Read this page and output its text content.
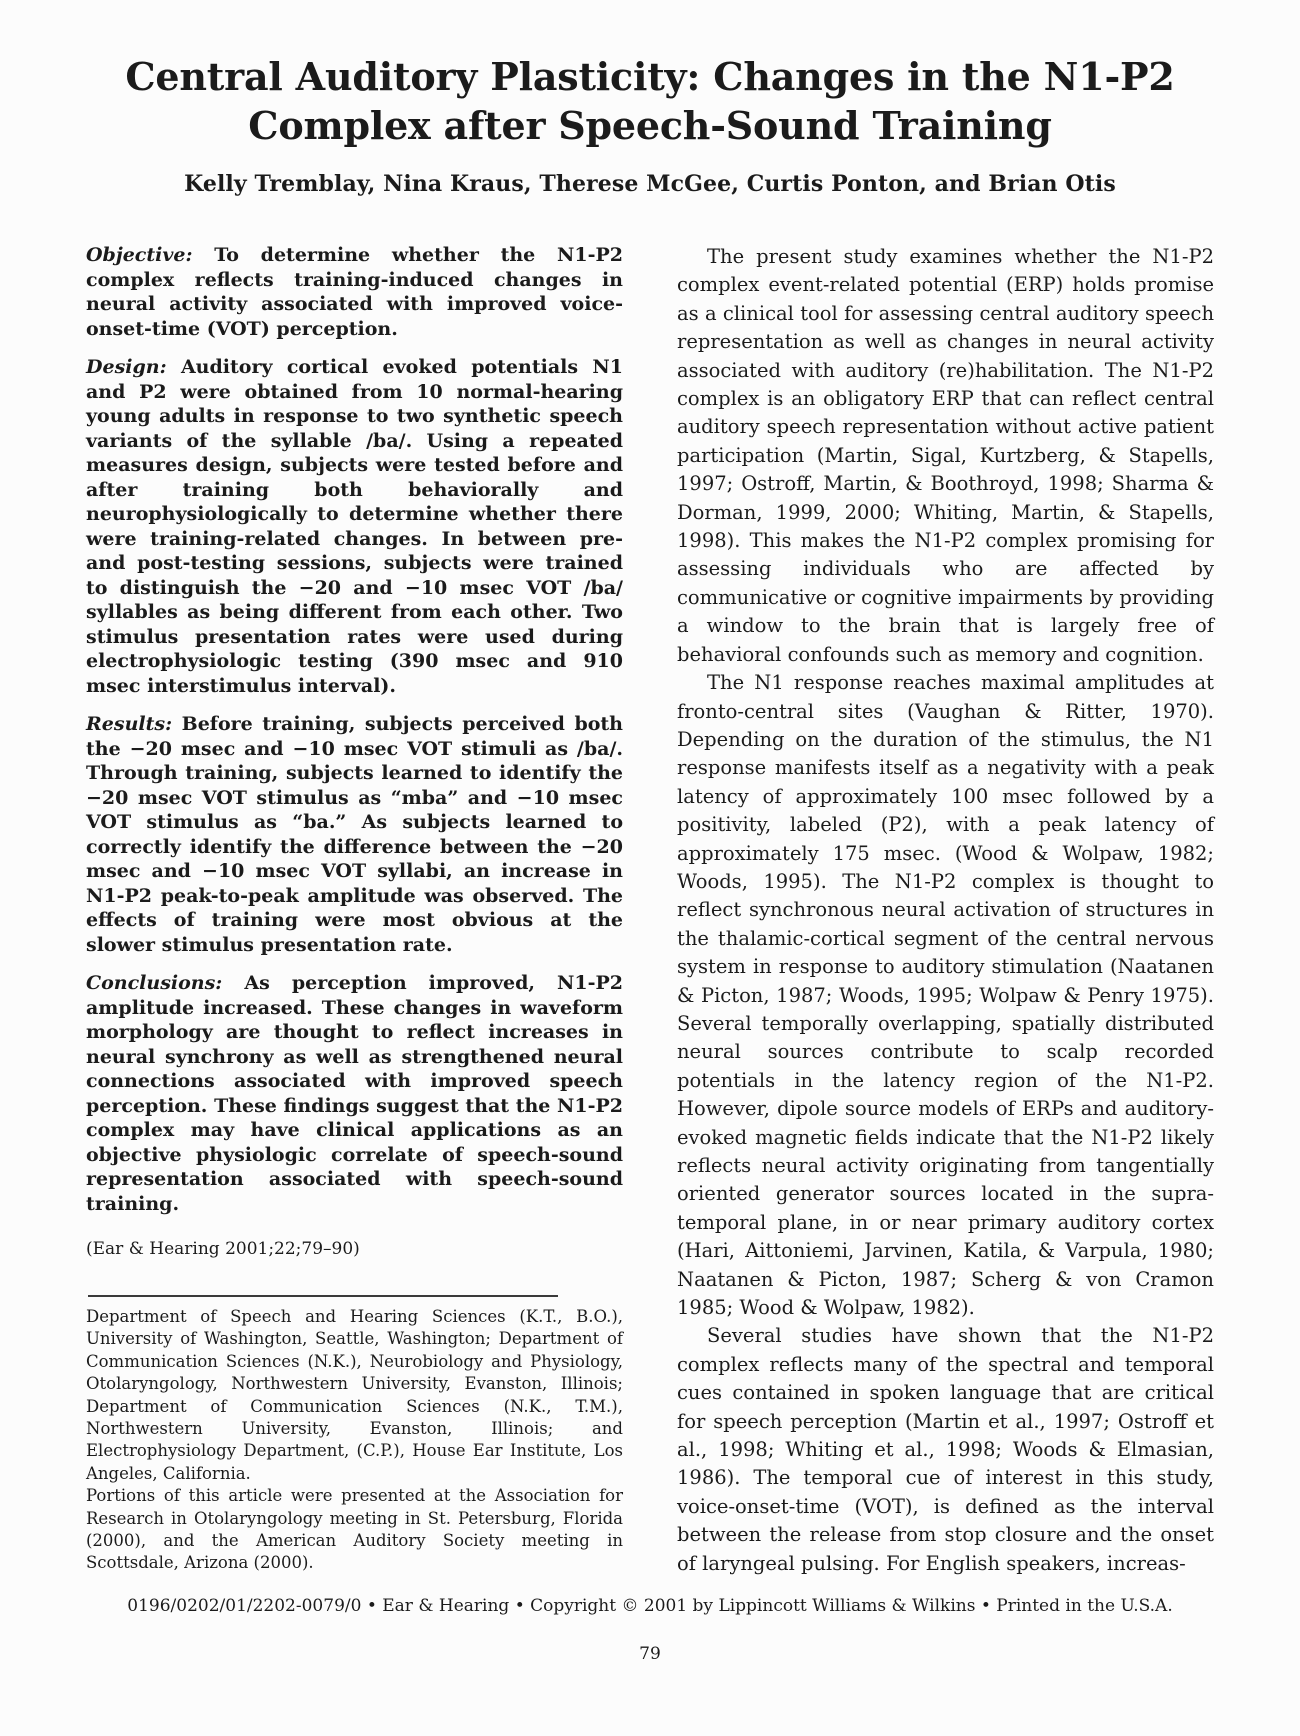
Central Auditory Plasticity: Changes in the N1-P2
Complex after Speech-Sound Training
Kelly Tremblay, Nina Kraus, Therese McGee, Curtis Ponton, and Brian Otis

Objective: To determine whether the N1-P2 complex reflects training-induced changes in neural activity associated with improved voice-onset-time (VOT) perception.

Design: Auditory cortical evoked potentials N1 and P2 were obtained from 10 normal-hearing young adults in response to two synthetic speech variants of the syllable /ba/. Using a repeated measures design, subjects were tested before and after training both behaviorally and neurophysiologically to determine whether there were training-related changes. In between pre- and post-testing sessions, subjects were trained to distinguish the −20 and −10 msec VOT /ba/ syllables as being different from each other. Two stimulus presentation rates were used during electrophysiologic testing (390 msec and 910 msec interstimulus interval).

Results: Before training, subjects perceived both the −20 msec and −10 msec VOT stimuli as /ba/. Through training, subjects learned to identify the −20 msec VOT stimulus as “mba” and −10 msec VOT stimulus as “ba.” As subjects learned to correctly identify the difference between the −20 msec and −10 msec VOT syllabi, an increase in N1-P2 peak-to-peak amplitude was observed. The effects of training were most obvious at the slower stimulus presentation rate.

Conclusions: As perception improved, N1-P2 amplitude increased. These changes in waveform morphology are thought to reflect increases in neural synchrony as well as strengthened neural connections associated with improved speech perception. These findings suggest that the N1-P2 complex may have clinical applications as an objective physiologic correlate of speech-sound representation associated with speech-sound training.

(Ear & Hearing 2001;22;79–90)

Department of Speech and Hearing Sciences (K.T., B.O.), University of Washington, Seattle, Washington; Department of Communication Sciences (N.K.), Neurobiology and Physiology, Otolaryngology, Northwestern University, Evanston, Illinois; Department of Communication Sciences (N.K., T.M.), Northwestern University, Evanston, Illinois; and Electrophysiology Department, (C.P.), House Ear Institute, Los Angeles, California.

Portions of this article were presented at the Association for Research in Otolaryngology meeting in St. Petersburg, Florida (2000), and the American Auditory Society meeting in Scottsdale, Arizona (2000).

The present study examines whether the N1-P2 complex event-related potential (ERP) holds promise as a clinical tool for assessing central auditory speech representation as well as changes in neural activity associated with auditory (re)habilitation. The N1-P2 complex is an obligatory ERP that can reflect central auditory speech representation without active patient participation (Martin, Sigal, Kurtzberg, & Stapells, 1997; Ostroff, Martin, & Boothroyd, 1998; Sharma & Dorman, 1999, 2000; Whiting, Martin, & Stapells, 1998). This makes the N1-P2 complex promising for assessing individuals who are affected by communicative or cognitive impairments by providing a window to the brain that is largely free of behavioral confounds such as memory and cognition.

The N1 response reaches maximal amplitudes at fronto-central sites (Vaughan & Ritter, 1970). Depending on the duration of the stimulus, the N1 response manifests itself as a negativity with a peak latency of approximately 100 msec followed by a positivity, labeled (P2), with a peak latency of approximately 175 msec. (Wood & Wolpaw, 1982; Woods, 1995). The N1-P2 complex is thought to reflect synchronous neural activation of structures in the thalamic-cortical segment of the central nervous system in response to auditory stimulation (Naatanen & Picton, 1987; Woods, 1995; Wolpaw & Penry 1975). Several temporally overlapping, spatially distributed neural sources contribute to scalp recorded potentials in the latency region of the N1-P2. However, dipole source models of ERPs and auditory-evoked magnetic fields indicate that the N1-P2 likely reflects neural activity originating from tangentially oriented generator sources located in the supra-temporal plane, in or near primary auditory cortex (Hari, Aittoniemi, Jarvinen, Katila, & Varpula, 1980; Naatanen & Picton, 1987; Scherg & von Cramon 1985; Wood & Wolpaw, 1982).

Several studies have shown that the N1-P2 complex reflects many of the spectral and temporal cues contained in spoken language that are critical for speech perception (Martin et al., 1997; Ostroff et al., 1998; Whiting et al., 1998; Woods & Elmasian, 1986). The temporal cue of interest in this study, voice-onset-time (VOT), is defined as the interval between the release from stop closure and the onset of laryngeal pulsing. For English speakers, increas-

0196/0202/01/2202-0079/0 • Ear & Hearing • Copyright © 2001 by Lippincott Williams & Wilkins • Printed in the U.S.A.
79
